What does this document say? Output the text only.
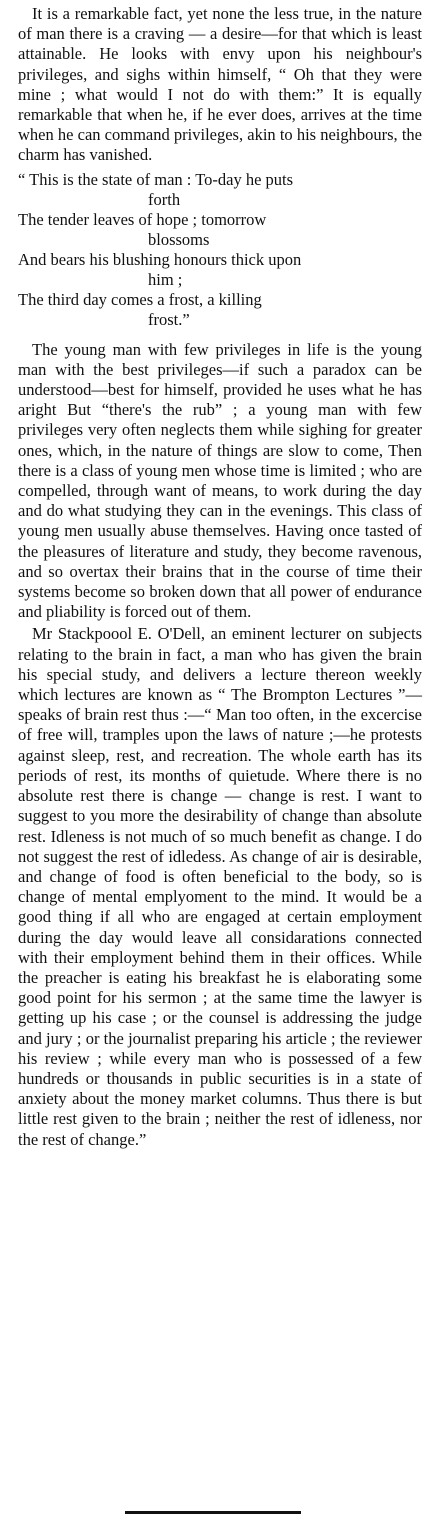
It is a remarkable fact, yet none the less true, in the nature of man there is a craving — a desire—for that which is least attainable. He looks with envy upon his neighbour's privileges, and sighs within himself, “ Oh that they were mine ; what would I not do with them:” It is equally remarkable that when he, if he ever does, arrives at the time when he can command privileges, akin to his neighbours, the charm has vanished.

“ This is the state of man : To-day he puts
forth

The tender leaves of hope ; tomorrow
blossoms

And bears his blushing honours thick upon
him ;

The third day comes a frost, a killing
frost.”

The young man with few privileges in life is the young man with the best privileges—if such a paradox can be understood—best for himself, provided he uses what he has aright But “there's the rub” ; a young man with few privileges very often neglects them while sighing for greater ones, which, in the nature of things are slow to come, Then there is a class of young men whose time is limited ; who are compelled, through want of means, to work during the day and do what studying they can in the evenings. This class of young men usually abuse themselves. Having once tasted of the pleasures of literature and study, they become ravenous, and so overtax their brains that in the course of time their systems become so broken down that all power of endurance and pliability is forced out of them.

Mr Stackpoool E. O'Dell, an eminent lecturer on subjects relating to the brain in fact, a man who has given the brain his special study, and delivers a lecture thereon weekly which lectures are known as “ The Brompton Lectures ”—speaks of brain rest thus :—“ Man too often, in the excercise of free will, tramples upon the laws of nature ;—he protests against sleep, rest, and recreation. The whole earth has its periods of rest, its months of quietude. Where there is no absolute rest there is change — change is rest. I want to suggest to you more the desirability of change than absolute rest. Idleness is not much of so much benefit as change. I do not suggest the rest of idledess. As change of air is desirable, and change of food is often beneficial to the body, so is change of mental emplyoment to the mind. It would be a good thing if all who are engaged at certain employment during the day would leave all considarations connected with their employment behind them in their offices. While the preacher is eating his breakfast he is elaborating some good point for his sermon ; at the same time the lawyer is getting up his case ; or the counsel is addressing the judge and jury ; or the journalist preparing his article ; the reviewer his review ; while every man who is possessed of a few hundreds or thousands in public securities is in a state of anxiety about the money market columns. Thus there is but little rest given to the brain ; neither the rest of idleness, nor the rest of change.”
